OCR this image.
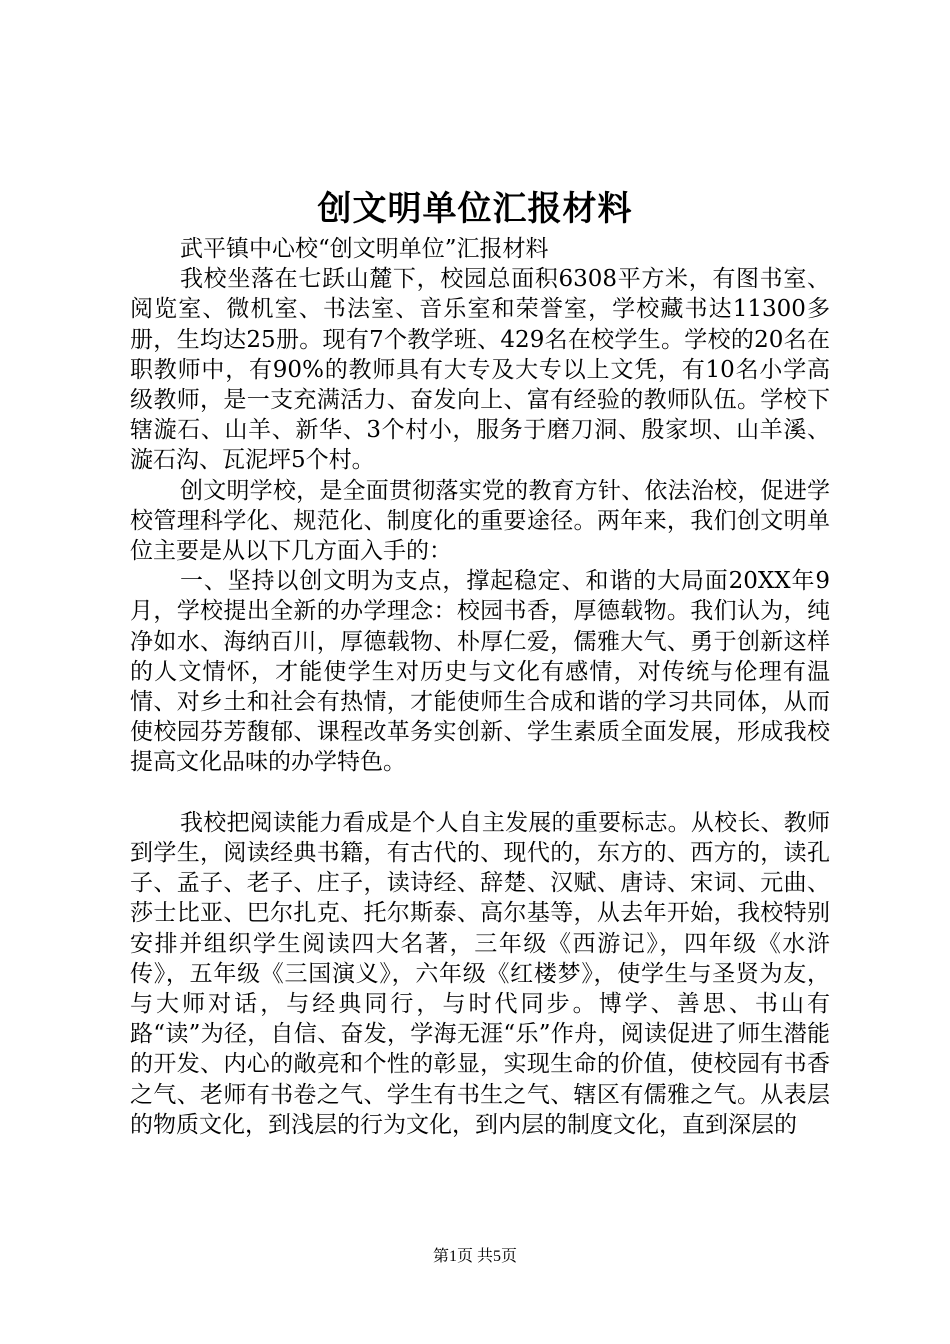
创文明单位汇报材料

武平镇中心校“创文明单位”汇报材料

我校坐落在七跃山麓下，校园总面积6308平方米，有图书室、阅览室、微机室、书法室、音乐室和荣誉室，学校藏书达11300多册，生均达25册。现有7个教学班、429名在校学生。学校的20名在职教师中，有90%的教师具有大专及大专以上文凭，有10名小学高级教师，是一支充满活力、奋发向上、富有经验的教师队伍。学校下辖漩石、山羊、新华、3个村小，服务于磨刀洞、殷家坝、山羊溪、漩石沟、瓦泥坪5个村。

创文明学校，是全面贯彻落实党的教育方针、依法治校，促进学校管理科学化、规范化、制度化的重要途径。两年来，我们创文明单位主要是从以下几方面入手的：

一、坚持以创文明为支点，撑起稳定、和谐的大局面20XX年9月，学校提出全新的办学理念：校园书香，厚德载物。我们认为，纯净如水、海纳百川，厚德载物、朴厚仁爱，儒雅大气、勇于创新这样的人文情怀，才能使学生对历史与文化有感情，对传统与伦理有温情、对乡土和社会有热情，才能使师生合成和谐的学习共同体，从而使校园芬芳馥郁、课程改革务实创新、学生素质全面发展，形成我校提高文化品味的办学特色。

我校把阅读能力看成是个人自主发展的重要标志。从校长、教师到学生，阅读经典书籍，有古代的、现代的，东方的、西方的，读孔子、孟子、老子、庄子，读诗经、辞楚、汉赋、唐诗、宋词、元曲、莎士比亚、巴尔扎克、托尔斯泰、高尔基等，从去年开始，我校特别安排并组织学生阅读四大名著，三年级《西游记》，四年级《水浒传》，五年级《三国演义》，六年级《红楼梦》，使学生与圣贤为友，与大师对话，与经典同行，与时代同步。博学、善思、书山有路“读”为径，自信、奋发，学海无涯“乐”作舟，阅读促进了师生潜能的开发、内心的敞亮和个性的彰显，实现生命的价值，使校园有书香之气、老师有书卷之气、学生有书生之气、辖区有儒雅之气。从表层的物质文化，到浅层的行为文化，到内层的制度文化，直到深层的

第1页 共5页
